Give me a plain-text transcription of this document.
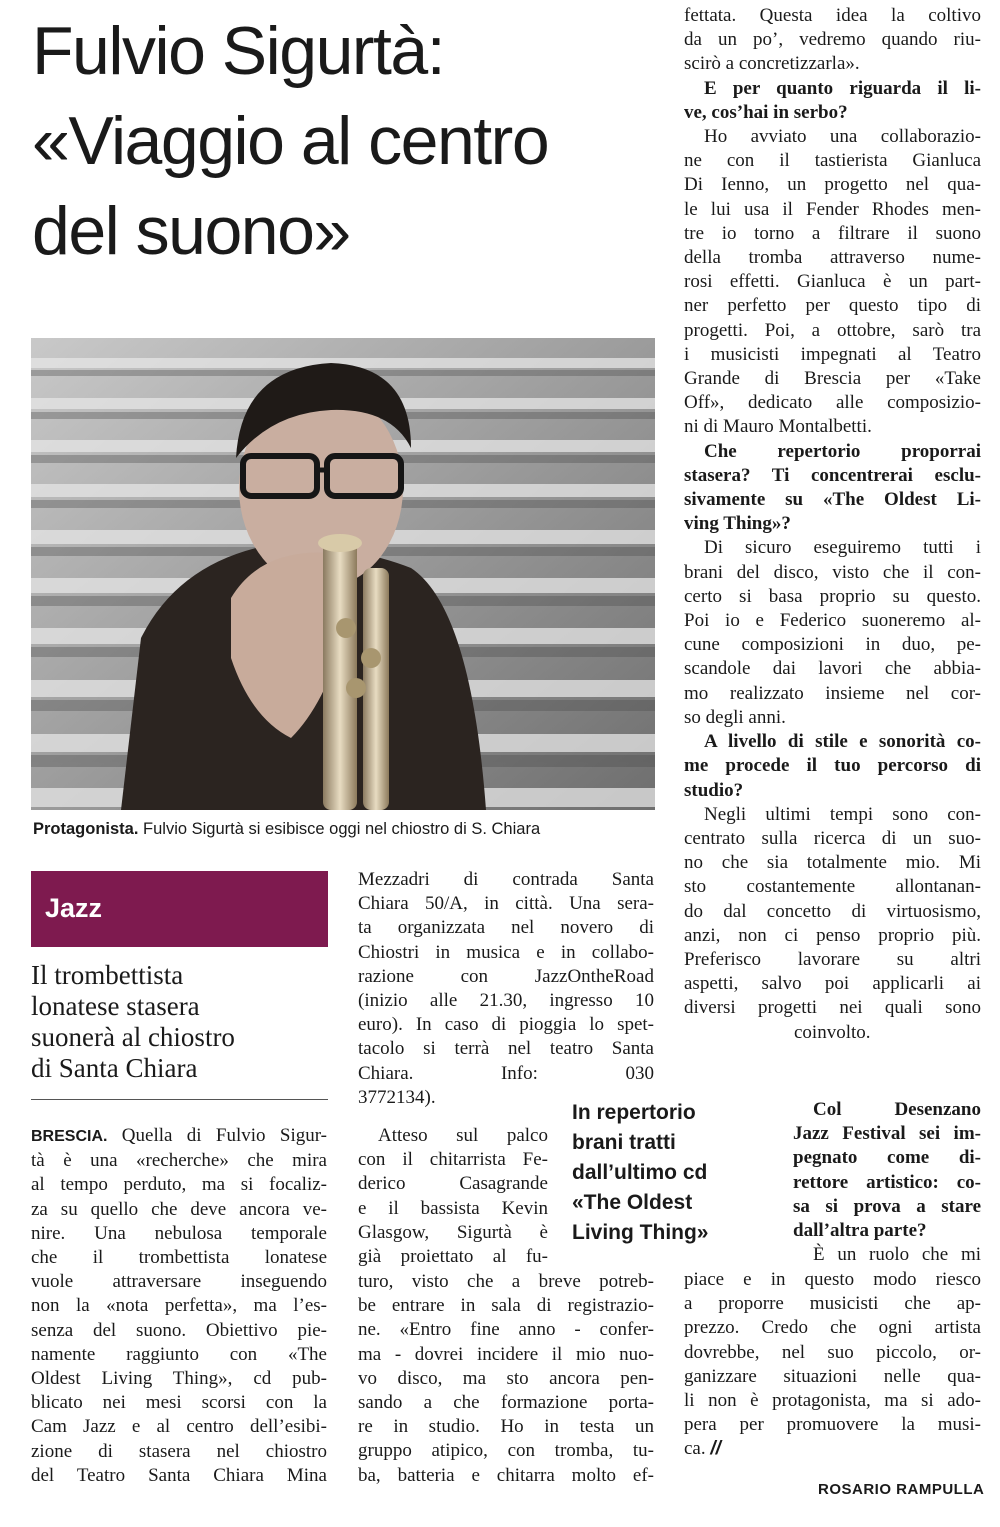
Fulvio Sigurtà:
«Viaggio al centro
del suono»
Protagonista. Fulvio Sigurtà si esibisce oggi nel chiostro di S. Chiara
Jazz
Il trombettista
lonatese stasera
suonerà al chiostro
di Santa Chiara
BRESCIA. Quella di Fulvio Sigur-
tà è una «recherche» che mira
al tempo perduto, ma si focaliz-
za su quello che deve ancora ve-
nire. Una nebulosa temporale
che il trombettista lonatese
vuole attraversare inseguendo
non la «nota perfetta», ma l’es-
senza del suono. Obiettivo pie-
namente raggiunto con «The
Oldest Living Thing», cd pub-
blicato nei mesi scorsi con la
Cam Jazz e al centro dell’esibi-
zione di stasera nel chiostro
del Teatro Santa Chiara Mina
Mezzadri di contrada Santa
Chiara 50/A, in città. Una sera-
ta organizzata nel novero di
Chiostri in musica e in collabo-
razione con JazzOntheRoad
(inizio alle 21.30, ingresso 10
euro). In caso di pioggia lo spet-
tacolo si terrà nel teatro Santa
Chiara. Info: 030
3772134).
Atteso sul palco
con il chitarrista Fe-
derico Casagrande
e il bassista Kevin
Glasgow, Sigurtà è
già proiettato al fu-
turo, visto che a breve potreb-
be entrare in sala di registrazio-
ne. «Entro fine anno - confer-
ma - dovrei incidere il mio nuo-
vo disco, ma sto ancora pen-
sando a che formazione porta-
re in studio. Ho in testa un
gruppo atipico, con tromba, tu-
ba, batteria e chitarra molto ef-
In repertorio
brani tratti
dall’ultimo cd
«The Oldest
Living Thing»
fettata. Questa idea la coltivo
da un po’, vedremo quando riu-
scirò a concretizzarla».
E per quanto riguarda il li-
ve, cos’hai in serbo?
Ho avviato una collaborazio-
ne con il tastierista Gianluca
Di Ienno, un progetto nel qua-
le lui usa il Fender Rhodes men-
tre io torno a filtrare il suono
della tromba attraverso nume-
rosi effetti. Gianluca è un part-
ner perfetto per questo tipo di
progetti. Poi, a ottobre, sarò tra
i musicisti impegnati al Teatro
Grande di Brescia per «Take
Off», dedicato alle composizio-
ni di Mauro Montalbetti.
Che repertorio proporrai
stasera? Ti concentrerai esclu-
sivamente su «The Oldest Li-
ving Thing»?
Di sicuro eseguiremo tutti i
brani del disco, visto che il con-
certo si basa proprio su questo.
Poi io e Federico suoneremo al-
cune composizioni in duo, pe-
scandole dai lavori che abbia-
mo realizzato insieme nel cor-
so degli anni.
A livello di stile e sonorità co-
me procede il tuo percorso di
studio?
Negli ultimi tempi sono con-
centrato sulla ricerca di un suo-
no che sia totalmente mio. Mi
sto costantemente allontanan-
do dal concetto di virtuosismo,
anzi, non ci penso proprio più.
Preferisco lavorare su altri
aspetti, salvo poi applicarli ai
diversi progetti nei quali sono
coinvolto.
Col Desenzano
Jazz Festival sei im-
pegnato come di-
rettore artistico: co-
sa si prova a stare
dall’altra parte?
È un ruolo che mi
piace e in questo modo riesco
a proporre musicisti che ap-
prezzo. Credo che ogni artista
dovrebbe, nel suo piccolo, or-
ganizzare situazioni nelle qua-
li non è protagonista, ma si ado-
pera per promuovere la musi-
ca. //
ROSARIO RAMPULLA
